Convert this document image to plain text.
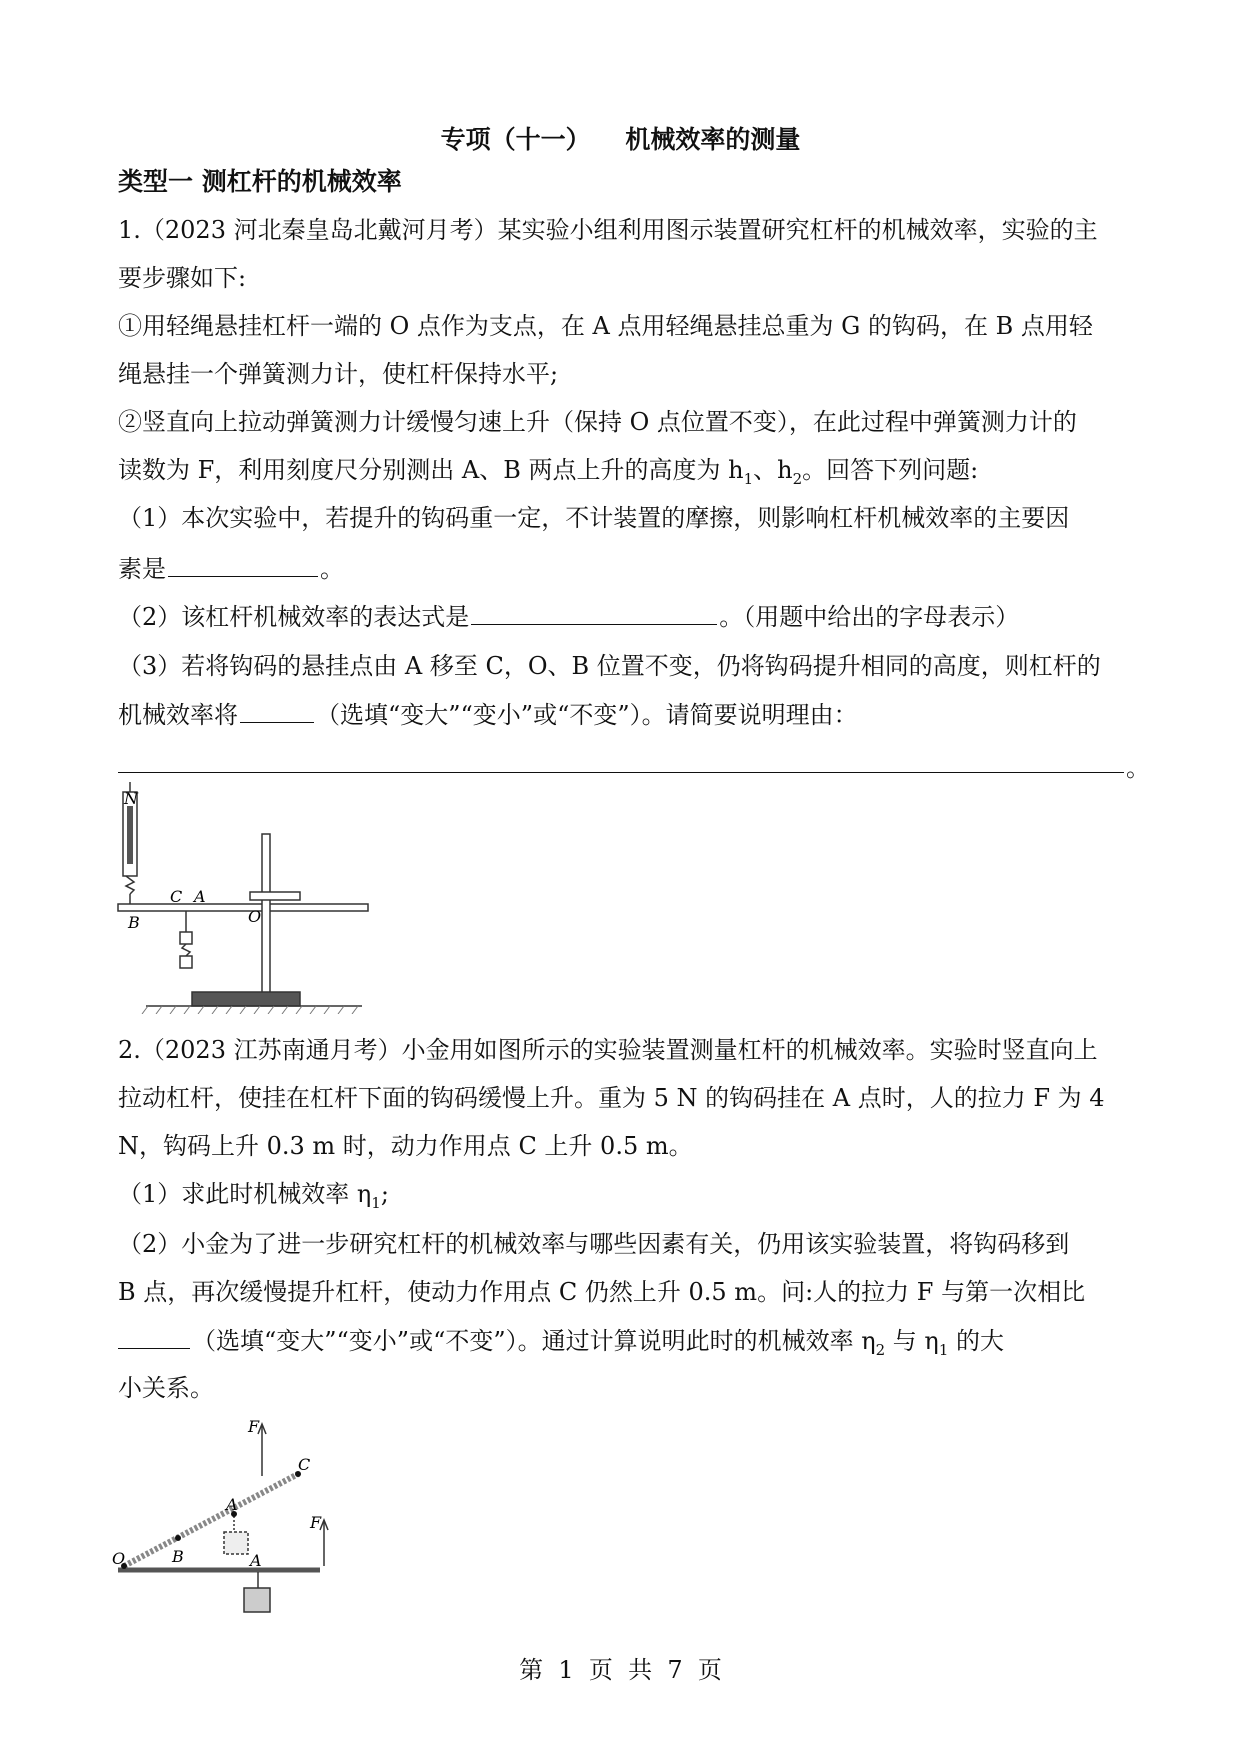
专项（十一）    机械效率的测量
类型一 测杠杆的机械效率
1.（2023 河北秦皇岛北戴河月考）某实验小组利用图示装置研究杠杆的机械效率，实验的主
要步骤如下:
①用轻绳悬挂杠杆一端的 O 点作为支点，在 A 点用轻绳悬挂总重为 G 的钩码，在 B 点用轻
绳悬挂一个弹簧测力计，使杠杆保持水平;
②竖直向上拉动弹簧测力计缓慢匀速上升（保持 O 点位置不变），在此过程中弹簧测力计的
读数为 F，利用刻度尺分别测出 A、B 两点上升的高度为 $h_1$、$h_2$。回答下列问题:
（1）本次实验中，若提升的钩码重一定，不计装置的摩擦，则影响杠杆机械效率的主要因
素是	。
（2）该杠杆机械效率的表达式是	。（用题中给出的字母表示）
（3）若将钩码的悬挂点由 A 移至 C，O、B 位置不变，仍将钩码提升相同的高度，则杠杆的
机械效率将	（选填“变大”“变小”或“不变”）。请简要说明理由：
。
N
C A
O
B
2.（2023 江苏南通月考）小金用如图所示的实验装置测量杠杆的机械效率。实验时竖直向上
拉动杠杆，使挂在杠杆下面的钩码缓慢上升。重为 5 N 的钩码挂在 A 点时，人的拉力 F 为 4
N，钩码上升 0.3 m 时，动力作用点 C 上升 0.5 m。
（1）求此时机械效率 $\eta_1$;
（2）小金为了进一步研究杠杆的机械效率与哪些因素有关，仍用该实验装置，将钩码移到
B 点，再次缓慢提升杠杆，使动力作用点 C 仍然上升 0.5 m。问:人的拉力 F 与第一次相比
（选填“变大”“变小”或“不变”）。通过计算说明此时的机械效率 $\eta_2$ 与 $\eta_1$ 的大
小关系。
F
C
A
F
O	B	A
第  1  页  共  7  页
